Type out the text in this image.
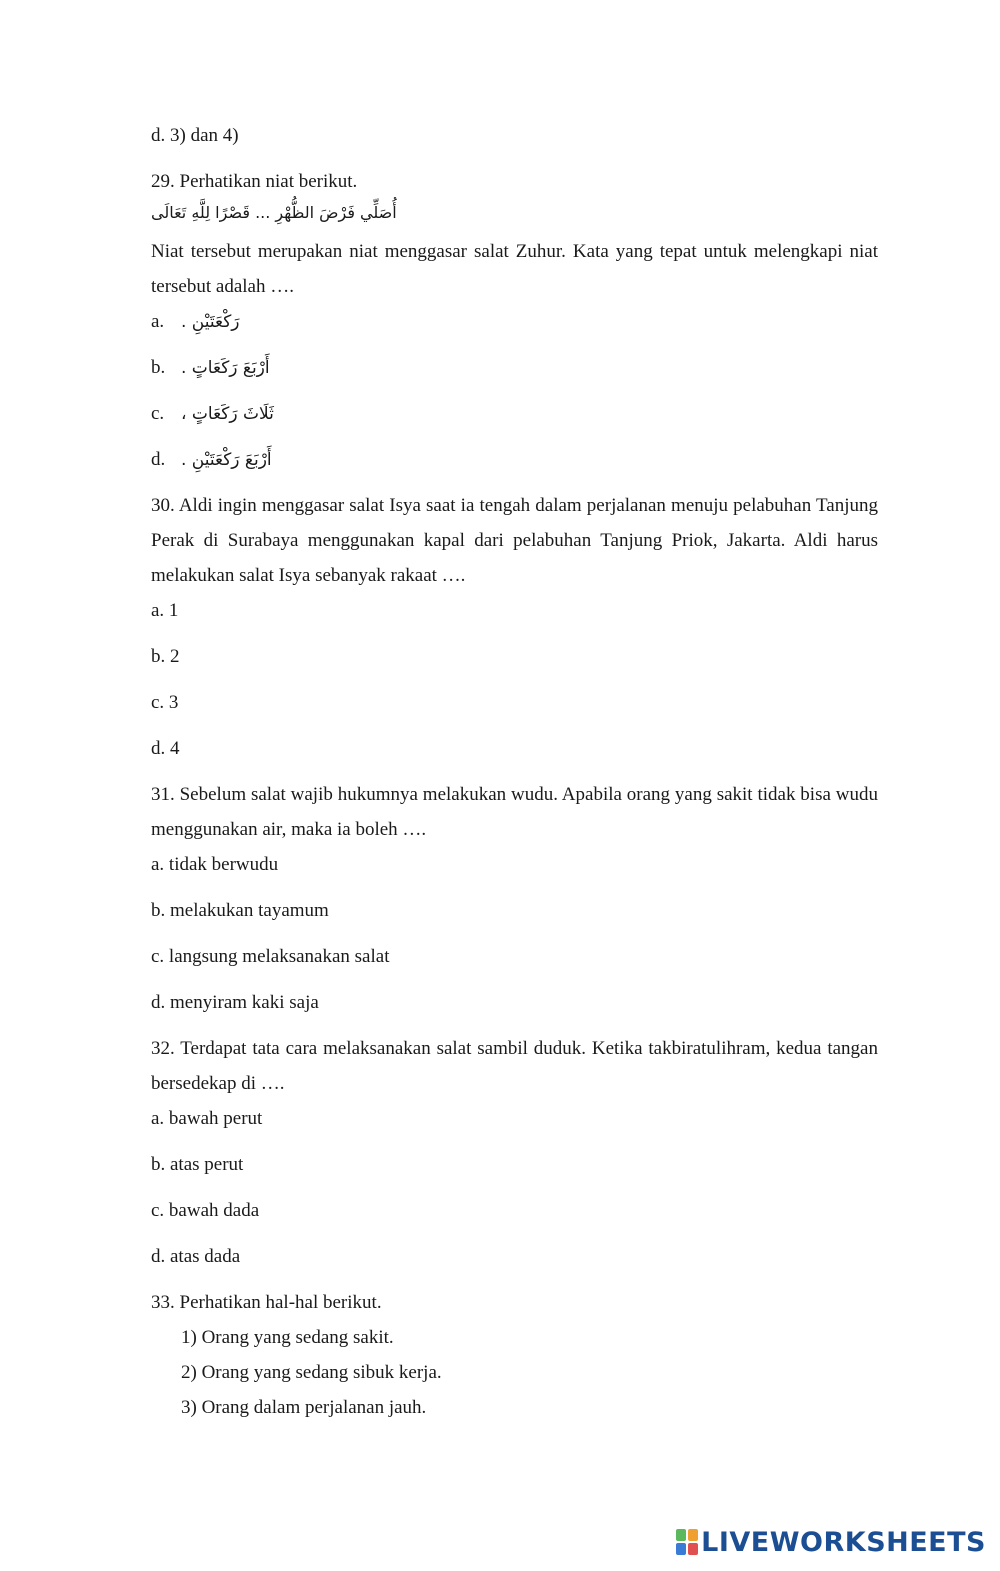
d. 3) dan 4)

29. Perhatikan niat berikut.

أُصَلِّي فَرْضَ الظُّهْرِ ... قَصْرًا لِلَّهِ تَعَالَى

Niat tersebut merupakan niat menggasar salat Zuhur. Kata yang tepat untuk melengkapi niat tersebut adalah ….

a. رَكْعَتَيْنِ .

b. أَرْبَعَ رَكَعَاتٍ .

c. ثَلَاثَ رَكَعَاتٍ ،

d. أَرْبَعَ رَكْعَتَيْنِ .

30. Aldi ingin menggasar salat Isya saat ia tengah dalam perjalanan menuju pelabuhan Tanjung Perak di Surabaya menggunakan kapal dari pelabuhan Tanjung Priok, Jakarta. Aldi harus melakukan salat Isya sebanyak rakaat ….

a. 1

b. 2

c. 3

d. 4

31. Sebelum salat wajib hukumnya melakukan wudu. Apabila orang yang sakit tidak bisa wudu menggunakan air, maka ia boleh ….

a. tidak berwudu

b. melakukan tayamum

c. langsung melaksanakan salat

d. menyiram kaki saja

32. Terdapat tata cara melaksanakan salat sambil duduk. Ketika takbiratulihram, kedua tangan bersedekap di ….

a. bawah perut

b. atas perut

c. bawah dada

d. atas dada

33. Perhatikan hal-hal berikut.

1) Orang yang sedang sakit.

2) Orang yang sedang sibuk kerja.

3) Orang dalam perjalanan jauh.

LIVEWORKSHEETS
